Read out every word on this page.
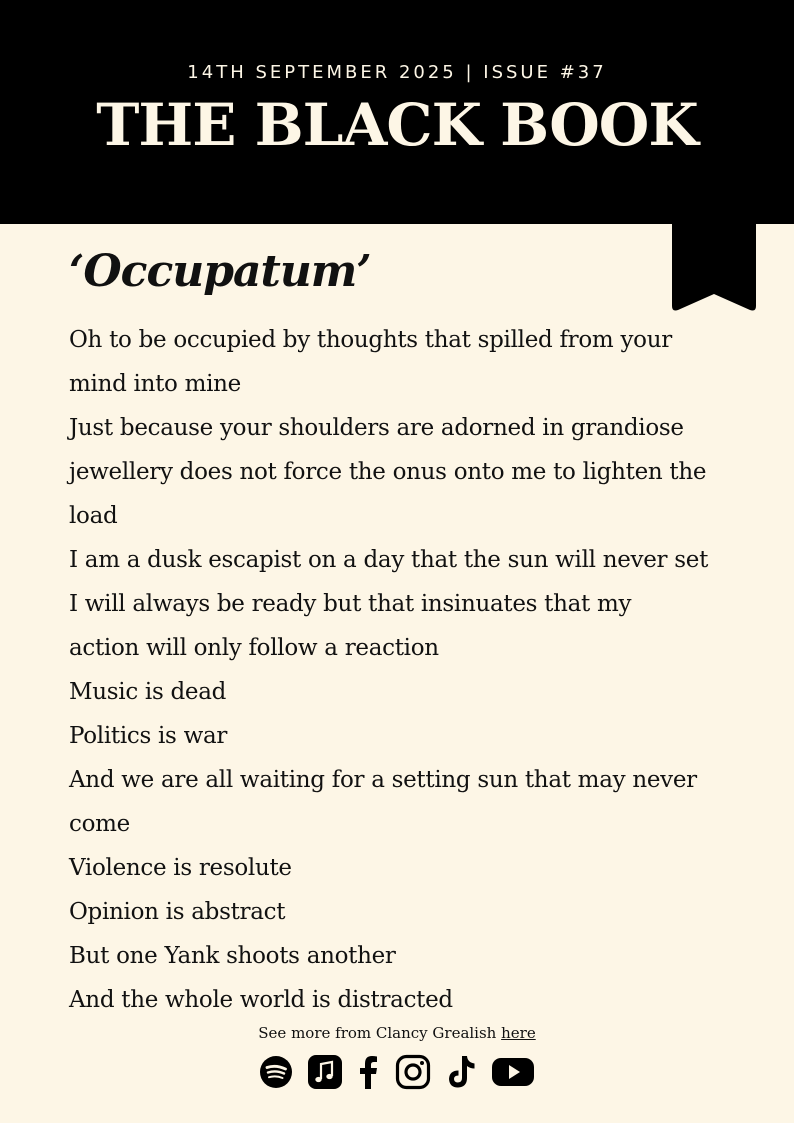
14TH SEPTEMBER 2025 | ISSUE #37
THE BLACK BOOK
‘Occupatum’
Oh to be occupied by thoughts that spilled from your
mind into mine
Just because your shoulders are adorned in grandiose
jewellery does not force the onus onto me to lighten the
load
I am a dusk escapist on a day that the sun will never set
I will always be ready but that insinuates that my
action will only follow a reaction
Music is dead
Politics is war
And we are all waiting for a setting sun that may never
come
Violence is resolute
Opinion is abstract
But one Yank shoots another
And the whole world is distracted
See more from Clancy Grealish here
